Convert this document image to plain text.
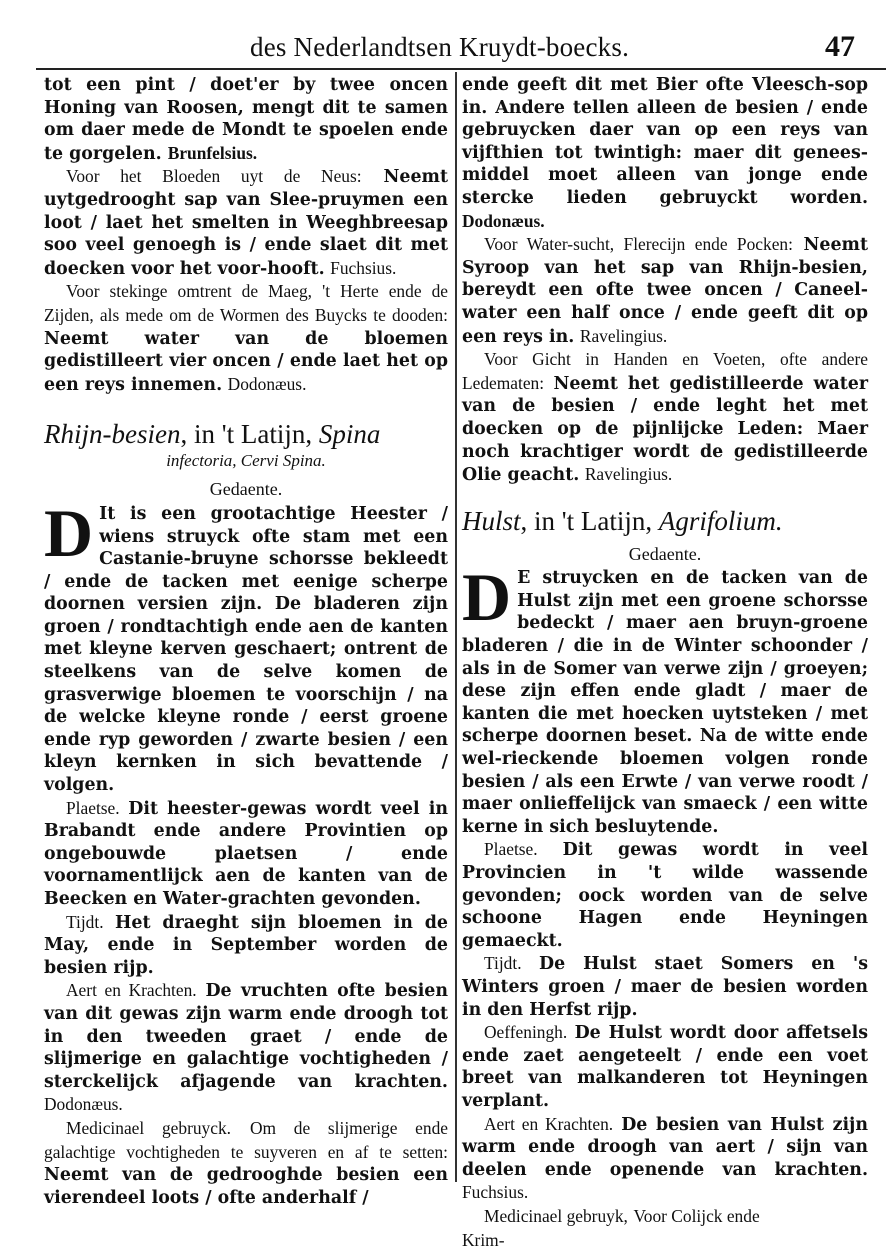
des Nederlandtsen Kruydt-boecks.	47

tot een pint / doet'er by twee oncen Honing van Roosen, mengt dit te samen om daer mede de Mondt te spoelen ende te gorgelen. Brunfelsius.

Voor het Bloeden uyt de Neus: Neemt uytgedrooght sap van Slee-pruymen een loot / laet het smelten in Weeghbreesap soo veel genoegh is / ende slaet dit met doecken voor het voor-hooft. Fuchsius.

Voor stekinge omtrent de Maeg, 't Herte ende de Zijden, als mede om de Wormen des Buycks te dooden: Neemt water van de bloemen gedistilleert vier oncen / ende laet het op een reys innemen. Dodonæus.

Rhijn-besien, in 't Latijn, Spina
infectoria, Cervi Spina.
Gedaente.

D It is een grootachtige Heester / wiens struyck ofte stam met een Castanie-bruyne schorsse bekleedt / ende de tacken met eenige scherpe doornen versien zijn. De bladeren zijn groen / rondtachtigh ende aen de kanten met kleyne kerven geschaert; ontrent de steelkens van de selve komen de grasverwige bloemen te voorschijn / na de welcke kleyne ronde / eerst groene ende ryp geworden / zwarte besien / een kleyn kernken in sich bevattende / volgen.

Plaetse. Dit heester-gewas wordt veel in Brabandt ende andere Provintien op ongebouwde plaetsen / ende voornamentlijck aen de kanten van de Beecken en Water-grachten gevonden.

Tijdt. Het draeght sijn bloemen in de May, ende in September worden de besien rijp.

Aert en Krachten. De vruchten ofte besien van dit gewas zijn warm ende droogh tot in den tweeden graet / ende de slijmerige en galachtige vochtigheden / sterckelijck afjagende van krachten. Dodonæus.

Medicinael gebruyck. Om de slijmerige ende galachtige vochtigheden te suyveren en af te setten: Neemt van de gedrooghde besien een vierendeel loots / ofte anderhalf /

ende geeft dit met Bier ofte Vleesch-sop in. Andere tellen alleen de besien / ende gebruycken daer van op een reys van vijfthien tot twintigh: maer dit genees-middel moet alleen van jonge ende stercke lieden gebruyckt worden. Dodonæus.

Voor Water-sucht, Flerecijn ende Pocken: Neemt Syroop van het sap van Rhijn-besien, bereydt een ofte twee oncen / Caneel-water een half once / ende geeft dit op een reys in. Ravelingius.

Voor Gicht in Handen en Voeten, ofte andere Ledematen: Neemt het gedistilleerde water van de besien / ende leght het met doecken op de pijnlijcke Leden: Maer noch krachtiger wordt de gedistilleerde Olie geacht. Ravelingius.

Hulst, in 't Latijn, Agrifolium.
Gedaente.

D E struycken en de tacken van de Hulst zijn met een groene schorsse bedeckt / maer aen bruyn-groene bladeren / die in de Winter schoonder / als in de Somer van verwe zijn / groeyen; dese zijn effen ende gladt / maer de kanten die met hoecken uytsteken / met scherpe doornen beset. Na de witte ende wel-rieckende bloemen volgen ronde besien / als een Erwte / van verwe roodt / maer onlieffelijck van smaeck / een witte kerne in sich besluytende.

Plaetse. Dit gewas wordt in veel Provincien in 't wilde wassende gevonden; oock worden van de selve schoone Hagen ende Heyningen gemaeckt.

Tijdt. De Hulst staet Somers en 's Winters groen / maer de besien worden in den Herfst rijp.

Oeffeningh. De Hulst wordt door affetsels ende zaet aengeteelt / ende een voet breet van malkanderen tot Heyningen verplant.

Aert en Krachten. De besien van Hulst zijn warm ende droogh van aert / sijn van deelen ende openende van krachten. Fuchsius.

Medicinael gebruyk, Voor Colijck ende

Krim-
